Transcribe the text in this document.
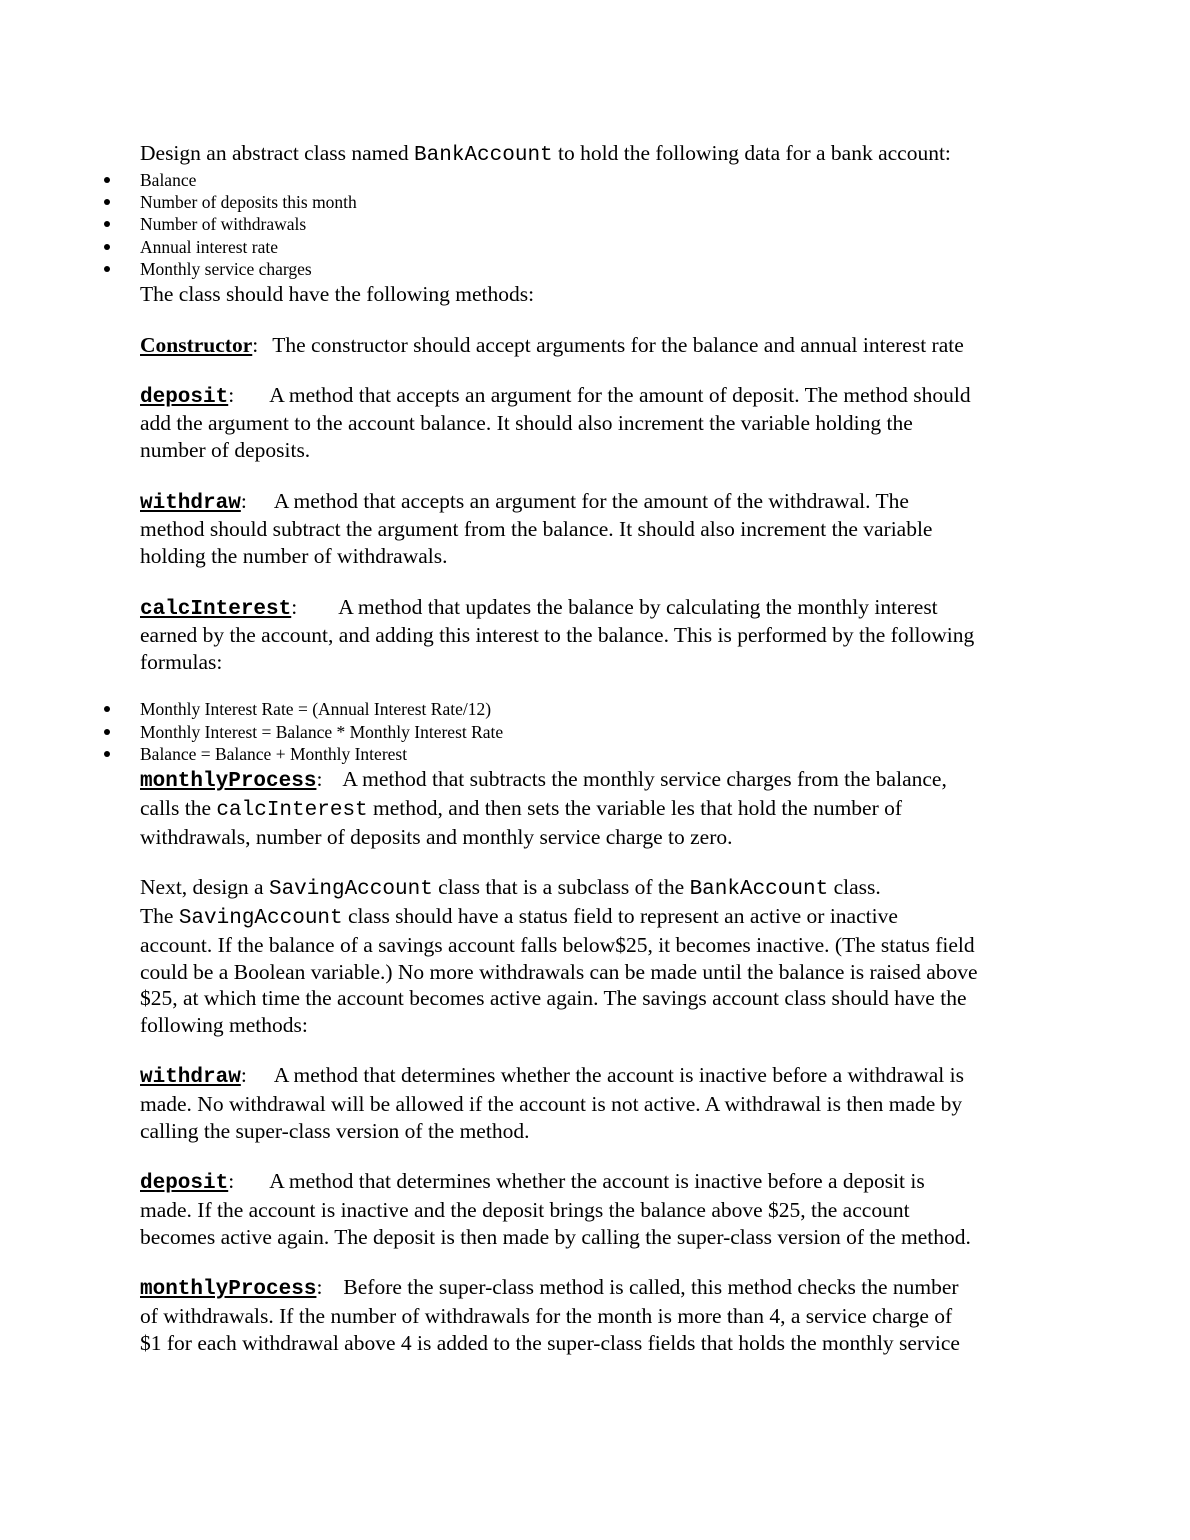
Design an abstract class named BankAccount to hold the following data for a bank account:
Balance
Number of deposits this month
Number of withdrawals
Annual interest rate
Monthly service charges
The class should have the following methods:
Constructor: The constructor should accept arguments for the balance and annual interest rate
deposit: A method that accepts an argument for the amount of deposit. The method should
add the argument to the account balance. It should also increment the variable holding the
number of deposits.
withdraw: A method that accepts an argument for the amount of the withdrawal. The
method should subtract the argument from the balance. It should also increment the variable
holding the number of withdrawals.
calcInterest: A method that updates the balance by calculating the monthly interest
earned by the account, and adding this interest to the balance. This is performed by the following
formulas:
Monthly Interest Rate = (Annual Interest Rate/12)
Monthly Interest = Balance * Monthly Interest Rate
Balance = Balance + Monthly Interest
monthlyProcess: A method that subtracts the monthly service charges from the balance,
calls the calcInterest method, and then sets the variable les that hold the number of
withdrawals, number of deposits and monthly service charge to zero.
Next, design a SavingAccount class that is a subclass of the BankAccount class.
The SavingAccount class should have a status field to represent an active or inactive
account. If the balance of a savings account falls below$25, it becomes inactive. (The status field
could be a Boolean variable.) No more withdrawals can be made until the balance is raised above
$25, at which time the account becomes active again. The savings account class should have the
following methods:
withdraw: A method that determines whether the account is inactive before a withdrawal is
made. No withdrawal will be allowed if the account is not active. A withdrawal is then made by
calling the super-class version of the method.
deposit: A method that determines whether the account is inactive before a deposit is
made. If the account is inactive and the deposit brings the balance above $25, the account
becomes active again. The deposit is then made by calling the super-class version of the method.
monthlyProcess: Before the super-class method is called, this method checks the number
of withdrawals. If the number of withdrawals for the month is more than 4, a service charge of
$1 for each withdrawal above 4 is added to the super-class fields that holds the monthly service
